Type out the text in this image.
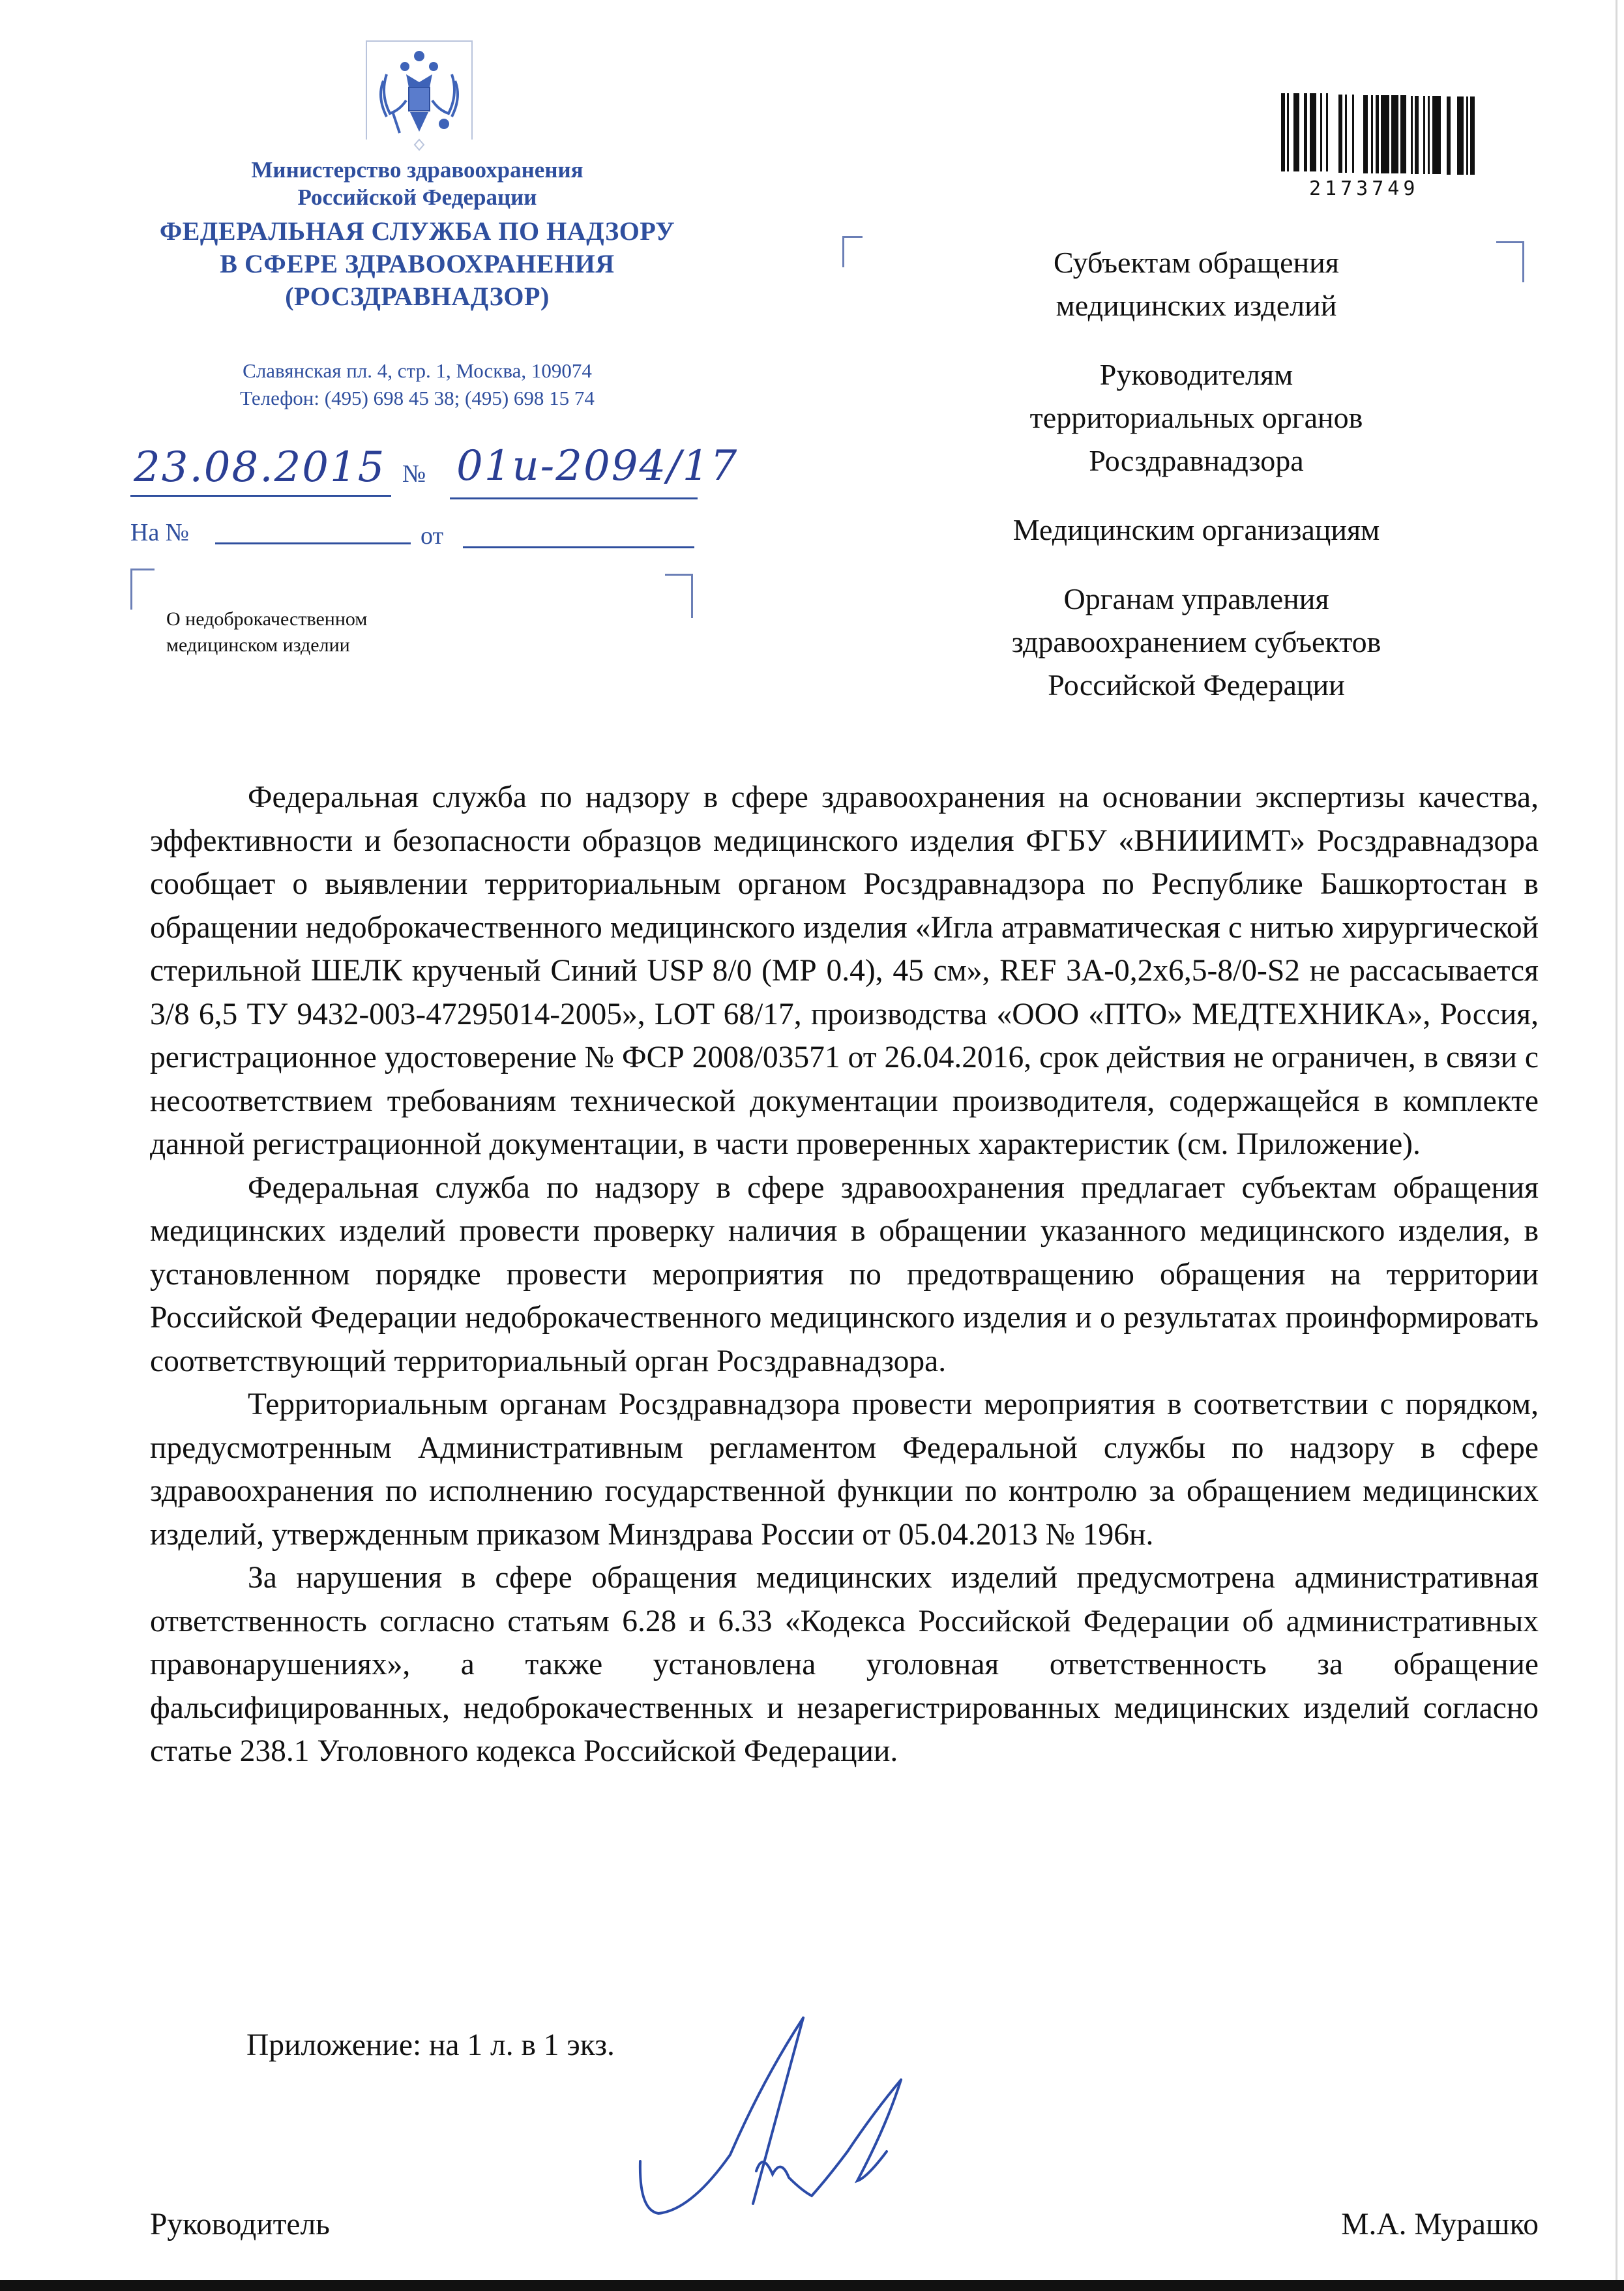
Министерство здравоохранения
Российской Федерации
ФЕДЕРАЛЬНАЯ СЛУЖБА ПО НАДЗОРУ
В СФЕРЕ ЗДРАВООХРАНЕНИЯ
(РОСЗДРАВНАДЗОР)
Славянская пл. 4, стр. 1, Москва, 109074
Телефон: (495) 698 45 38; (495) 698 15 74
23.08.2015 № 01и-2094/17
На №	от
О недоброкачественном
медицинском изделии
2173749
Субъектам обращения
медицинских изделий
Руководителям
территориальных органов
Росздравнадзора
Медицинским организациям
Органам управления
здравоохранением субъектов
Российской Федерации

Федеральная служба по надзору в сфере здравоохранения на основании экспертизы качества, эффективности и безопасности образцов медицинского изделия ФГБУ «ВНИИИМТ» Росздравнадзора сообщает о выявлении территориальным органом Росздравнадзора по Республике Башкортостан в обращении недоброкачественного медицинского изделия «Игла атравматическая с нитью хирургической стерильной ШЕЛК крученый Синий USP 8/0 (МР 0.4), 45 см», REF 3А-0,2х6,5-8/0-S2 не рассасывается 3/8 6,5 ТУ 9432-003-47295014-2005», LOT 68/17, производства «ООО «ПТО» МЕДТЕХНИКА», Россия, регистрационное удостоверение № ФСР 2008/03571 от 26.04.2016, срок действия не ограничен, в связи с несоответствием требованиям технической документации производителя, содержащейся в комплекте данной регистрационной документации, в части проверенных характеристик (см. Приложение).

Федеральная служба по надзору в сфере здравоохранения предлагает субъектам обращения медицинских изделий провести проверку наличия в обращении указанного медицинского изделия, в установленном порядке провести мероприятия по предотвращению обращения на территории Российской Федерации недоброкачественного медицинского изделия и о результатах проинформировать соответствующий территориальный орган Росздравнадзора.

Территориальным органам Росздравнадзора провести мероприятия в соответствии с порядком, предусмотренным Административным регламентом Федеральной службы по надзору в сфере здравоохранения по исполнению государственной функции по контролю за обращением медицинских изделий, утвержденным приказом Минздрава России от 05.04.2013 № 196н.

За нарушения в сфере обращения медицинских изделий предусмотрена административная ответственность согласно статьям 6.28 и 6.33 «Кодекса Российской Федерации об административных правонарушениях», а также установлена уголовная ответственность за обращение фальсифицированных, недоброкачественных и незарегистрированных медицинских изделий согласно статье 238.1 Уголовного кодекса Российской Федерации.

Приложение: на 1 л. в 1 экз.
Руководитель	М.А. Мурашко
